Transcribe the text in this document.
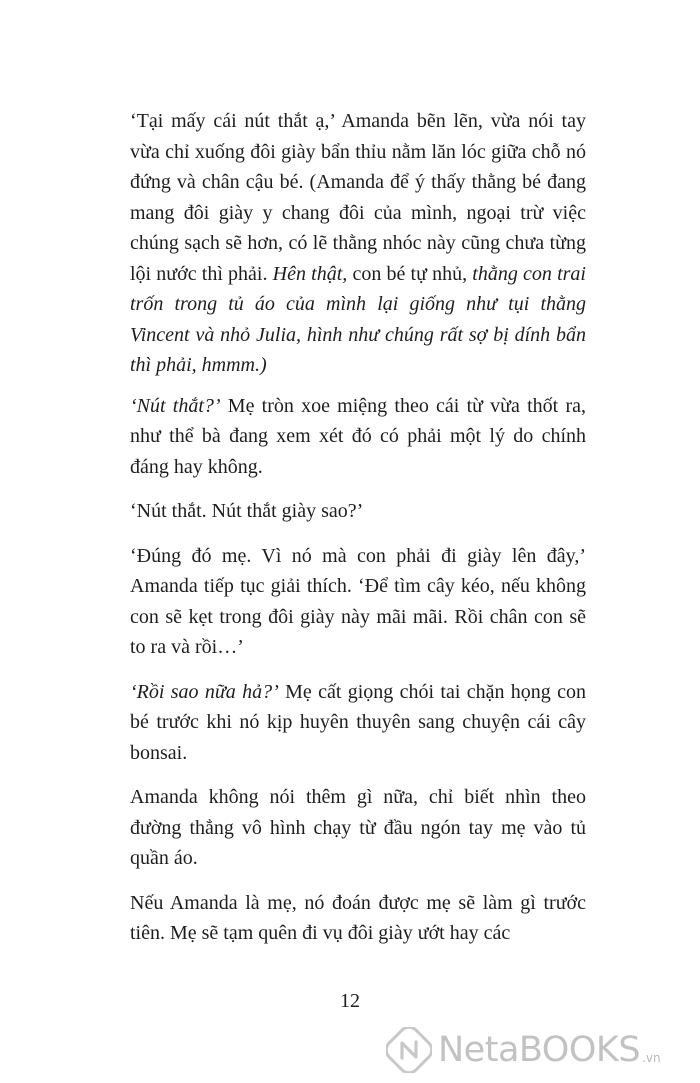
‘Tại mấy cái nút thắt ạ,’ Amanda bẽn lẽn, vừa nói tay vừa chỉ xuống đôi giày bẩn thỉu nằm lăn lóc giữa chỗ nó đứng và chân cậu bé. (Amanda để ý thấy thằng bé đang mang đôi giày y chang đôi của mình, ngoại trừ việc chúng sạch sẽ hơn, có lẽ thằng nhóc này cũng chưa từng lội nước thì phải. Hên thật, con bé tự nhủ, thằng con trai trốn trong tủ áo của mình lại giống như tụi thằng Vincent và nhỏ Julia, hình như chúng rất sợ bị dính bẩn thì phải, hmmm.)

‘Nút thắt?’ Mẹ tròn xoe miệng theo cái từ vừa thốt ra, như thể bà đang xem xét đó có phải một lý do chính đáng hay không.

‘Nút thắt. Nút thắt giày sao?’

‘Đúng đó mẹ. Vì nó mà con phải đi giày lên đây,’ Amanda tiếp tục giải thích. ‘Để tìm cây kéo, nếu không con sẽ kẹt trong đôi giày này mãi mãi. Rồi chân con sẽ to ra và rồi…’

‘Rồi sao nữa hả?’ Mẹ cất giọng chói tai chặn họng con bé trước khi nó kịp huyên thuyên sang chuyện cái cây bonsai.

Amanda không nói thêm gì nữa, chỉ biết nhìn theo đường thẳng vô hình chạy từ đầu ngón tay mẹ vào tủ quần áo.

Nếu Amanda là mẹ, nó đoán được mẹ sẽ làm gì trước tiên. Mẹ sẽ tạm quên đi vụ đôi giày ướt hay các

12
NetaBOOKS .vn
